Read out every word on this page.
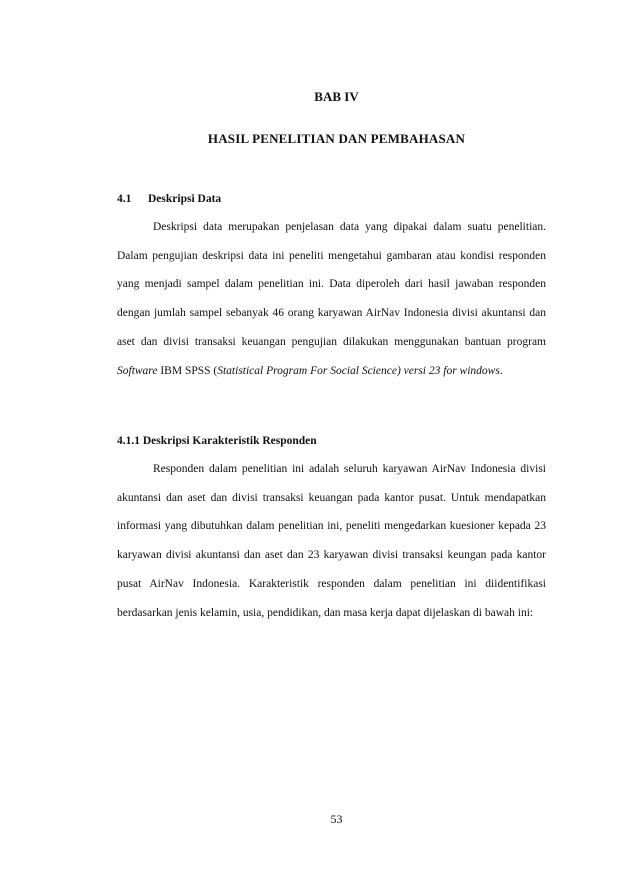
BAB IV
HASIL PENELITIAN DAN PEMBAHASAN
4.1 Deskripsi Data

Deskripsi data merupakan penjelasan data yang dipakai dalam suatu penelitian. Dalam pengujian deskripsi data ini peneliti mengetahui gambaran atau kondisi responden yang menjadi sampel dalam penelitian ini. Data diperoleh dari hasil jawaban responden dengan jumlah sampel sebanyak 46 orang karyawan AirNav Indonesia divisi akuntansi dan aset dan divisi transaksi keuangan pengujian dilakukan menggunakan bantuan program Software IBM SPSS (Statistical Program For Social Science) versi 23 for windows.

4.1.1 Deskripsi Karakteristik Responden

Responden dalam penelitian ini adalah seluruh karyawan AirNav Indonesia divisi akuntansi dan aset dan divisi transaksi keuangan pada kantor pusat. Untuk mendapatkan informasi yang dibutuhkan dalam penelitian ini, peneliti mengedarkan kuesioner kepada 23 karyawan divisi akuntansi dan aset dan 23 karyawan divisi transaksi keungan pada kantor pusat AirNav Indonesia. Karakteristik responden dalam penelitian ini diidentifikasi berdasarkan jenis kelamin, usia, pendidikan, dan masa kerja dapat dijelaskan di bawah ini:

53
